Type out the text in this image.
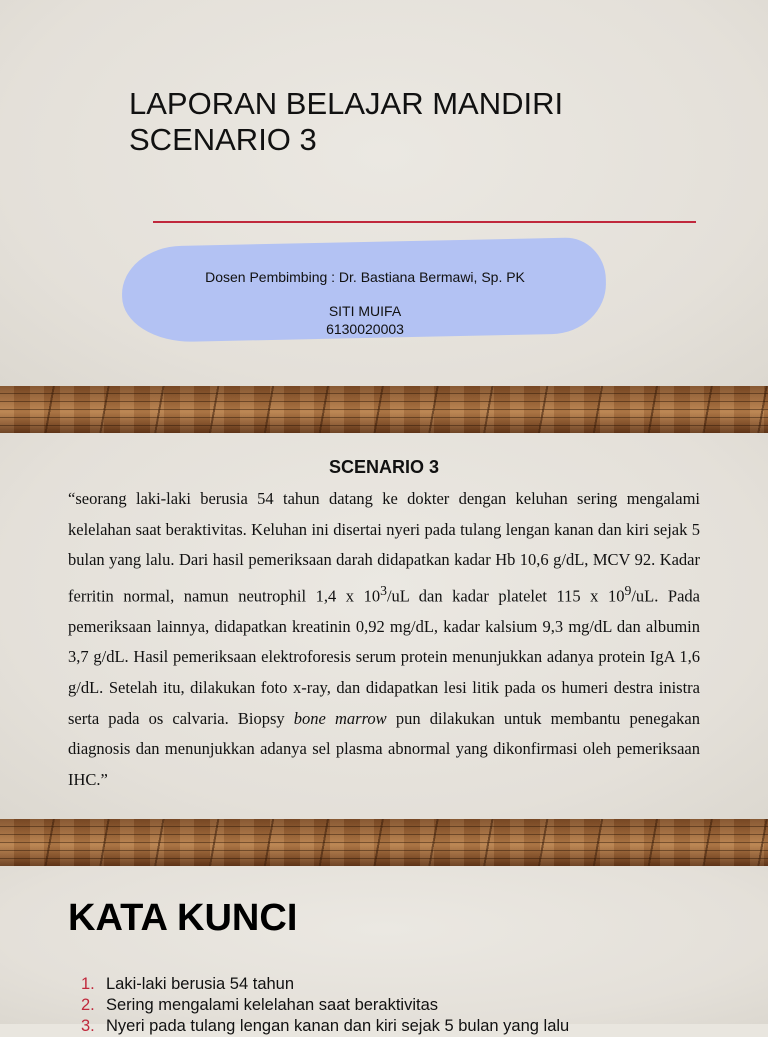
LAPORAN BELAJAR MANDIRI
SCENARIO 3
Dosen Pembimbing : Dr. Bastiana Bermawi, Sp. PK
SITI MUIFA
6130020003
SCENARIO 3

“seorang laki-laki berusia 54 tahun datang ke dokter dengan keluhan sering mengalami kelelahan saat beraktivitas. Keluhan ini disertai nyeri pada tulang lengan kanan dan kiri sejak 5 bulan yang lalu. Dari hasil pemeriksaan darah didapatkan kadar Hb 10,6 g/dL, MCV 92. Kadar ferritin normal, namun neutrophil 1,4 x $10^3/uL$ dan kadar platelet 115 x $10^9/uL$. Pada pemeriksaan lainnya, didapatkan kreatinin 0,92 mg/dL, kadar kalsium 9,3 mg/dL dan albumin 3,7 g/dL. Hasil pemeriksaan elektroforesis serum protein menunjukkan adanya protein IgA 1,6 g/dL. Setelah itu, dilakukan foto x-ray, dan didapatkan lesi litik pada os humeri destra inistra serta pada os calvaria. Biopsy bone marrow pun dilakukan untuk membantu penegakan diagnosis dan menunjukkan adanya sel plasma abnormal yang dikonfirmasi oleh pemeriksaan IHC.”

KATA KUNCI
1. Laki-laki berusia 54 tahun
2. Sering mengalami kelelahan saat beraktivitas
3. Nyeri pada tulang lengan kanan dan kiri sejak 5 bulan yang lalu
